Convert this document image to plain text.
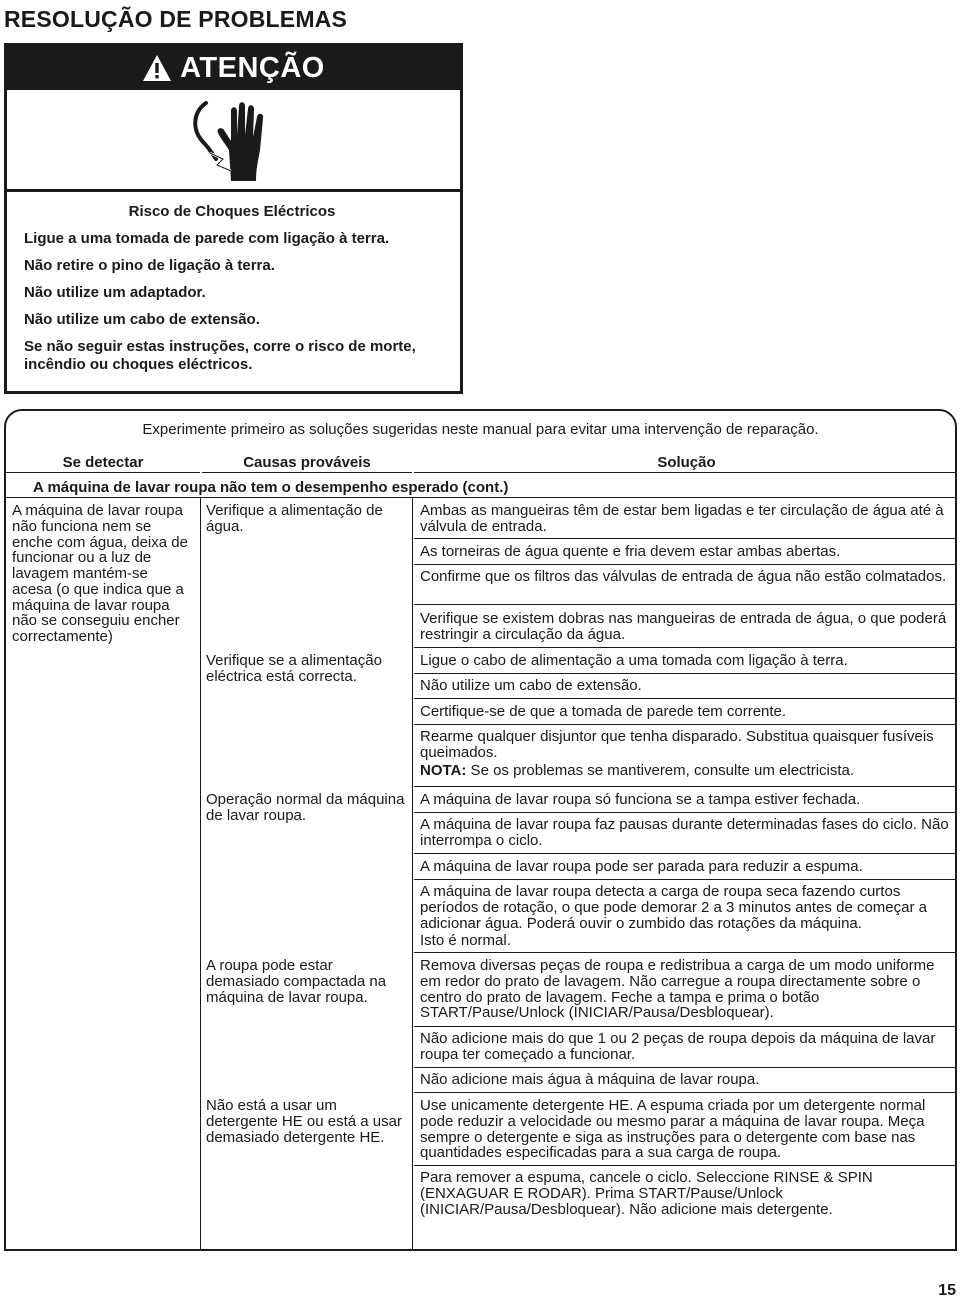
RESOLUÇÃO DE PROBLEMAS
ATENÇÃO
Risco de Choques Eléctricos
Ligue a uma tomada de parede com ligação à terra.
Não retire o pino de ligação à terra.
Não utilize um adaptador.
Não utilize um cabo de extensão.
Se não seguir estas instruções, corre o risco de morte, incêndio ou choques eléctricos.
Experimente primeiro as soluções sugeridas neste manual para evitar uma intervenção de reparação.
Se detectar	Causas prováveis	Solução
A máquina de lavar roupa não tem o desempenho esperado (cont.)
A máquina de lavar roupa não funciona nem se enche com água, deixa de funcionar ou a luz de lavagem mantém-se acesa (o que indica que a máquina de lavar roupa não se conseguiu encher correctamente)
Verifique a alimentação de água.
Verifique se a alimentação eléctrica está correcta.
Operação normal da máquina de lavar roupa.
A roupa pode estar demasiado compactada na máquina de lavar roupa.
Não está a usar um detergente HE ou está a usar demasiado detergente HE.

Ambas as mangueiras têm de estar bem ligadas e ter circulação de água até à válvula de entrada.

As torneiras de água quente e fria devem estar ambas abertas.

Confirme que os filtros das válvulas de entrada de água não estão colmatados.

Verifique se existem dobras nas mangueiras de entrada de água, o que poderá restringir a circulação da água.

Ligue o cabo de alimentação a uma tomada com ligação à terra.

Não utilize um cabo de extensão.

Certifique-se de que a tomada de parede tem corrente.

Rearme qualquer disjuntor que tenha disparado. Substitua quaisquer fusíveis queimados.

NOTA: Se os problemas se mantiverem, consulte um electricista.

A máquina de lavar roupa só funciona se a tampa estiver fechada.

A máquina de lavar roupa faz pausas durante determinadas fases do ciclo. Não interrompa o ciclo.

A máquina de lavar roupa pode ser parada para reduzir a espuma.

A máquina de lavar roupa detecta a carga de roupa seca fazendo curtos períodos de rotação, o que pode demorar 2 a 3 minutos antes de começar a adicionar água. Poderá ouvir o zumbido das rotações da máquina.

Isto é normal.

Remova diversas peças de roupa e redistribua a carga de um modo uniforme em redor do prato de lavagem. Não carregue a roupa directamente sobre o centro do prato de lavagem. Feche a tampa e prima o botão START/Pause/Unlock (INICIAR/Pausa/Desbloquear).

Não adicione mais do que 1 ou 2 peças de roupa depois da máquina de lavar roupa ter começado a funcionar.

Não adicione mais água à máquina de lavar roupa.

Use unicamente detergente HE. A espuma criada por um detergente normal pode reduzir a velocidade ou mesmo parar a máquina de lavar roupa. Meça sempre o detergente e siga as instruções para o detergente com base nas quantidades especificadas para a sua carga de roupa.

Para remover a espuma, cancele o ciclo. Seleccione RINSE & SPIN (ENXAGUAR E RODAR). Prima START/Pause/Unlock (INICIAR/Pausa/Desbloquear). Não adicione mais detergente.

15
